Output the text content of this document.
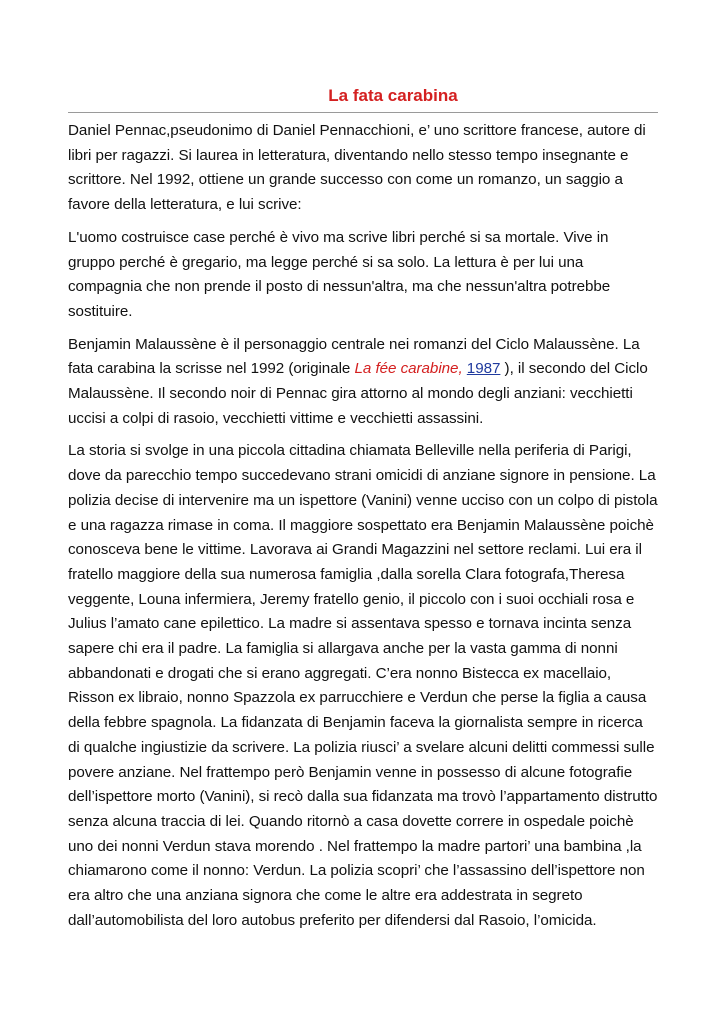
La fata carabina

Daniel Pennac,pseudonimo di Daniel Pennacchioni, e’ uno scrittore francese, autore di libri per ragazzi. Si laurea in letteratura, diventando nello stesso tempo insegnante e scrittore. Nel 1992, ottiene un grande successo con come un romanzo, un saggio a favore della letteratura, e lui scrive:

L'uomo costruisce case perché è vivo ma scrive libri perché si sa mortale. Vive in gruppo perché è gregario, ma legge perché si sa solo. La lettura è per lui una compagnia che non prende il posto di nessun'altra, ma che nessun'altra potrebbe sostituire.

Benjamin Malaussène è il personaggio centrale nei romanzi del Ciclo Malaussène. La fata carabina la scrisse nel 1992 (originale La fée carabine, 1987 ), il secondo del Ciclo Malaussène. Il secondo noir di Pennac gira attorno al mondo degli anziani: vecchietti uccisi a colpi di rasoio, vecchietti vittime e vecchietti assassini.

La storia si svolge in una piccola cittadina chiamata Belleville nella periferia di Parigi, dove da parecchio tempo succedevano strani omicidi di anziane signore in pensione. La polizia decise di intervenire ma un ispettore (Vanini) venne ucciso con un colpo di pistola e una ragazza rimase in coma. Il maggiore sospettato era Benjamin Malaussène poichè conosceva bene le vittime. Lavorava ai Grandi Magazzini nel settore reclami. Lui era il fratello maggiore della sua numerosa famiglia ,dalla sorella Clara fotografa,Theresa veggente, Louna infermiera, Jeremy fratello genio, il piccolo con i suoi occhiali rosa e Julius l’amato cane epilettico. La madre si assentava spesso e tornava incinta senza sapere chi era il padre. La famiglia si allargava anche per la vasta gamma di nonni abbandonati e drogati che si erano aggregati. C’era nonno Bistecca ex macellaio, Risson ex libraio, nonno Spazzola ex parrucchiere e Verdun che perse la figlia a causa della febbre spagnola. La fidanzata di Benjamin faceva la giornalista sempre in ricerca di qualche ingiustizie da scrivere. La polizia riusci’ a svelare alcuni delitti commessi sulle povere anziane. Nel frattempo però Benjamin venne in possesso di alcune fotografie dell’ispettore morto (Vanini), si recò dalla sua fidanzata ma trovò l’appartamento distrutto senza alcuna traccia di lei. Quando ritornò a casa dovette correre in ospedale poichè uno dei nonni Verdun stava morendo . Nel frattempo la madre partori’ una bambina ,la chiamarono come il nonno: Verdun. La polizia scopri’ che l’assassino dell’ispettore non era altro che una anziana signora che come le altre era addestrata in segreto dall’automobilista del loro autobus preferito per difendersi dal Rasoio, l’omicida.
